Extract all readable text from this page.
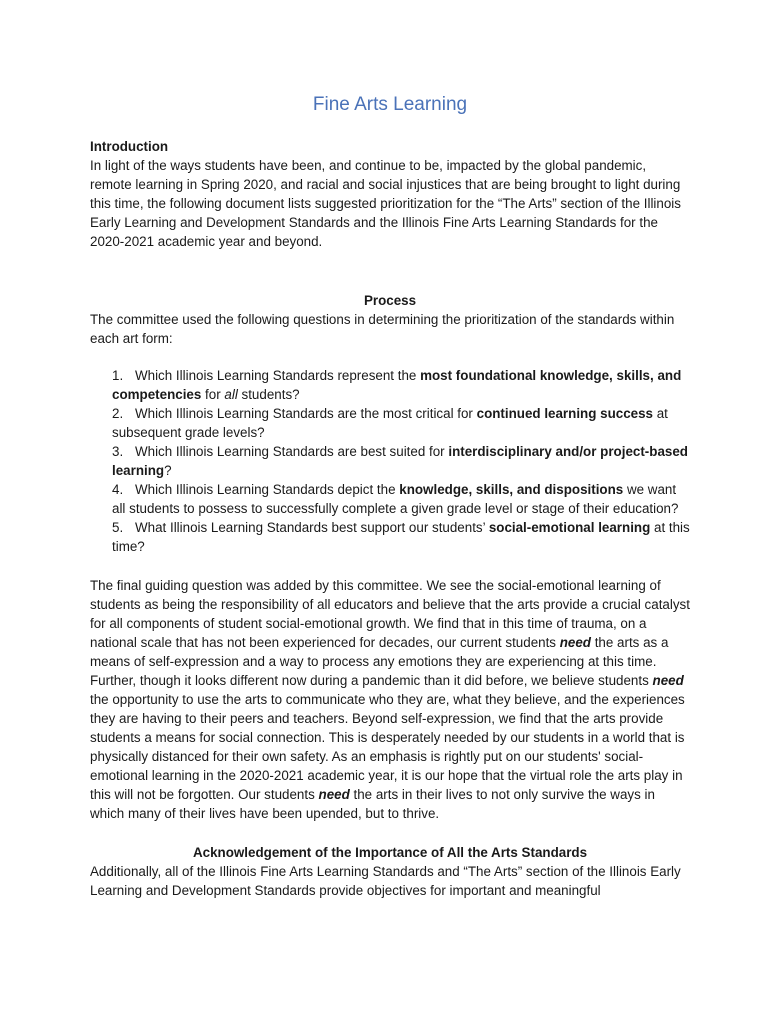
Fine Arts Learning

Introduction

In light of the ways students have been, and continue to be, impacted by the global pandemic, remote learning in Spring 2020, and racial and social injustices that are being brought to light during this time, the following document lists suggested prioritization for the “The Arts” section of the Illinois Early Learning and Development Standards and the Illinois Fine Arts Learning Standards for the 2020-2021 academic year and beyond.

Process

The committee used the following questions in determining the prioritization of the standards within each art form:

1. Which Illinois Learning Standards represent the most foundational knowledge, skills, and competencies for all students?
2. Which Illinois Learning Standards are the most critical for continued learning success at subsequent grade levels?
3. Which Illinois Learning Standards are best suited for interdisciplinary and/or project-based learning?
4. Which Illinois Learning Standards depict the knowledge, skills, and dispositions we want all students to possess to successfully complete a given grade level or stage of their education?
5. What Illinois Learning Standards best support our students’ social-emotional learning at this time?

The final guiding question was added by this committee. We see the social-emotional learning of students as being the responsibility of all educators and believe that the arts provide a crucial catalyst for all components of student social-emotional growth. We find that in this time of trauma, on a national scale that has not been experienced for decades, our current students need the arts as a means of self-expression and a way to process any emotions they are experiencing at this time. Further, though it looks different now during a pandemic than it did before, we believe students need the opportunity to use the arts to communicate who they are, what they believe, and the experiences they are having to their peers and teachers. Beyond self-expression, we find that the arts provide students a means for social connection. This is desperately needed by our students in a world that is physically distanced for their own safety. As an emphasis is rightly put on our students' social-emotional learning in the 2020-2021 academic year, it is our hope that the virtual role the arts play in this will not be forgotten. Our students need the arts in their lives to not only survive the ways in which many of their lives have been upended, but to thrive.

Acknowledgement of the Importance of All the Arts Standards

Additionally, all of the Illinois Fine Arts Learning Standards and “The Arts” section of the Illinois Early Learning and Development Standards provide objectives for important and meaningful
